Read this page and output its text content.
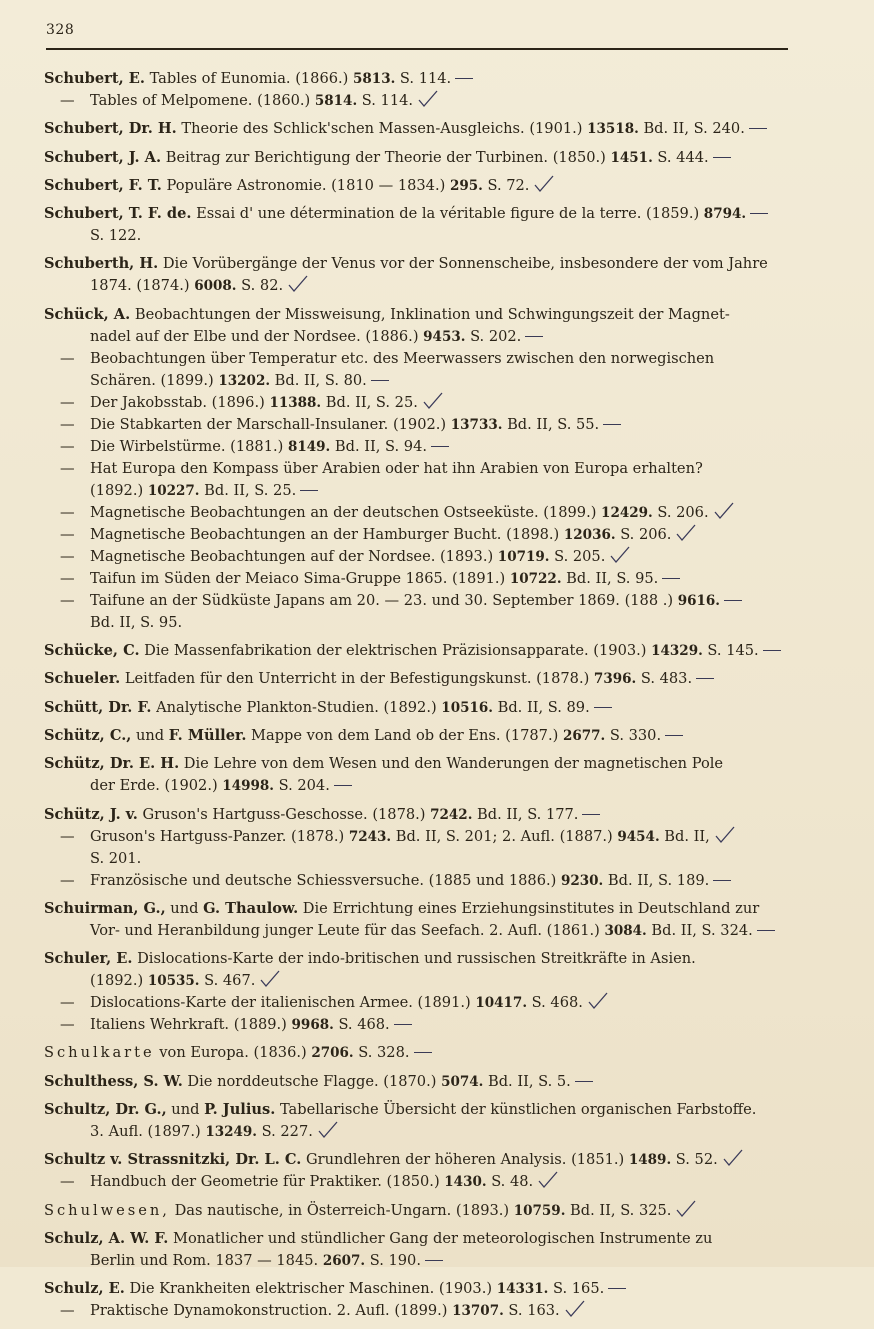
328
Schubert, E. Tables of Eunomia. (1866.) 5813. S. 114.
— Tables of Melpomene. (1860.) 5814. S. 114.
Schubert, Dr. H. Theorie des Schlick'schen Massen-Ausgleichs. (1901.) 13518. Bd. II, S. 240.
Schubert, J. A. Beitrag zur Berichtigung der Theorie der Turbinen. (1850.) 1451. S. 444.
Schubert, F. T. Populäre Astronomie. (1810 — 1834.) 295. S. 72.
Schubert, T. F. de. Essai d' une détermination de la véritable figure de la terre. (1859.) 8794.
S. 122.
Schuberth, H. Die Vorübergänge der Venus vor der Sonnenscheibe, insbesondere der vom Jahre
1874. (1874.) 6008. S. 82.
Schück, A. Beobachtungen der Missweisung, Inklination und Schwingungszeit der Magnet-
nadel auf der Elbe und der Nordsee. (1886.) 9453. S. 202.
— Beobachtungen über Temperatur etc. des Meerwassers zwischen den norwegischen
Schären. (1899.) 13202. Bd. II, S. 80.
— Der Jakobsstab. (1896.) 11388. Bd. II, S. 25.
— Die Stabkarten der Marschall-Insulaner. (1902.) 13733. Bd. II, S. 55.
— Die Wirbelstürme. (1881.) 8149. Bd. II, S. 94.
— Hat Europa den Kompass über Arabien oder hat ihn Arabien von Europa erhalten?
(1892.) 10227. Bd. II, S. 25.
— Magnetische Beobachtungen an der deutschen Ostseeküste. (1899.) 12429. S. 206.
— Magnetische Beobachtungen an der Hamburger Bucht. (1898.) 12036. S. 206.
— Magnetische Beobachtungen auf der Nordsee. (1893.) 10719. S. 205.
— Taifun im Süden der Meiaco Sima-Gruppe 1865. (1891.) 10722. Bd. II, S. 95.
— Taifune an der Südküste Japans am 20. — 23. und 30. September 1869. (188 .) 9616.
Bd. II, S. 95.
Schücke, C. Die Massenfabrikation der elektrischen Präzisionsapparate. (1903.) 14329. S. 145.
Schueler. Leitfaden für den Unterricht in der Befestigungskunst. (1878.) 7396. S. 483.
Schütt, Dr. F. Analytische Plankton-Studien. (1892.) 10516. Bd. II, S. 89.
Schütz, C., und F. Müller. Mappe von dem Land ob der Ens. (1787.) 2677. S. 330.
Schütz, Dr. E. H. Die Lehre von dem Wesen und den Wanderungen der magnetischen Pole
der Erde. (1902.) 14998. S. 204.
Schütz, J. v. Gruson's Hartguss-Geschosse. (1878.) 7242. Bd. II, S. 177.
— Gruson's Hartguss-Panzer. (1878.) 7243. Bd. II, S. 201; 2. Aufl. (1887.) 9454. Bd. II,
S. 201.
— Französische und deutsche Schiessversuche. (1885 und 1886.) 9230. Bd. II, S. 189.
Schuirman, G., und G. Thaulow. Die Errichtung eines Erziehungsinstitutes in Deutschland zur
Vor- und Heranbildung junger Leute für das Seefach. 2. Aufl. (1861.) 3084. Bd. II, S. 324.
Schuler, E. Dislocations-Karte der indo-britischen und russischen Streitkräfte in Asien.
(1892.) 10535. S. 467.
— Dislocations-Karte der italienischen Armee. (1891.) 10417. S. 468.
— Italiens Wehrkraft. (1889.) 9968. S. 468.
Schulkarte von Europa. (1836.) 2706. S. 328.
Schulthess, S. W. Die norddeutsche Flagge. (1870.) 5074. Bd. II, S. 5.
Schultz, Dr. G., und P. Julius. Tabellarische Übersicht der künstlichen organischen Farbstoffe.
3. Aufl. (1897.) 13249. S. 227.
Schultz v. Strassnitzki, Dr. L. C. Grundlehren der höheren Analysis. (1851.) 1489. S. 52.
— Handbuch der Geometrie für Praktiker. (1850.) 1430. S. 48.
Schulwesen, Das nautische, in Österreich-Ungarn. (1893.) 10759. Bd. II, S. 325.
Schulz, A. W. F. Monatlicher und stündlicher Gang der meteorologischen Instrumente zu
Berlin und Rom. 1837 — 1845. 2607. S. 190.
Schulz, E. Die Krankheiten elektrischer Maschinen. (1903.) 14331. S. 165.
— Praktische Dynamokonstruction. 2. Aufl. (1899.) 13707. S. 163.
